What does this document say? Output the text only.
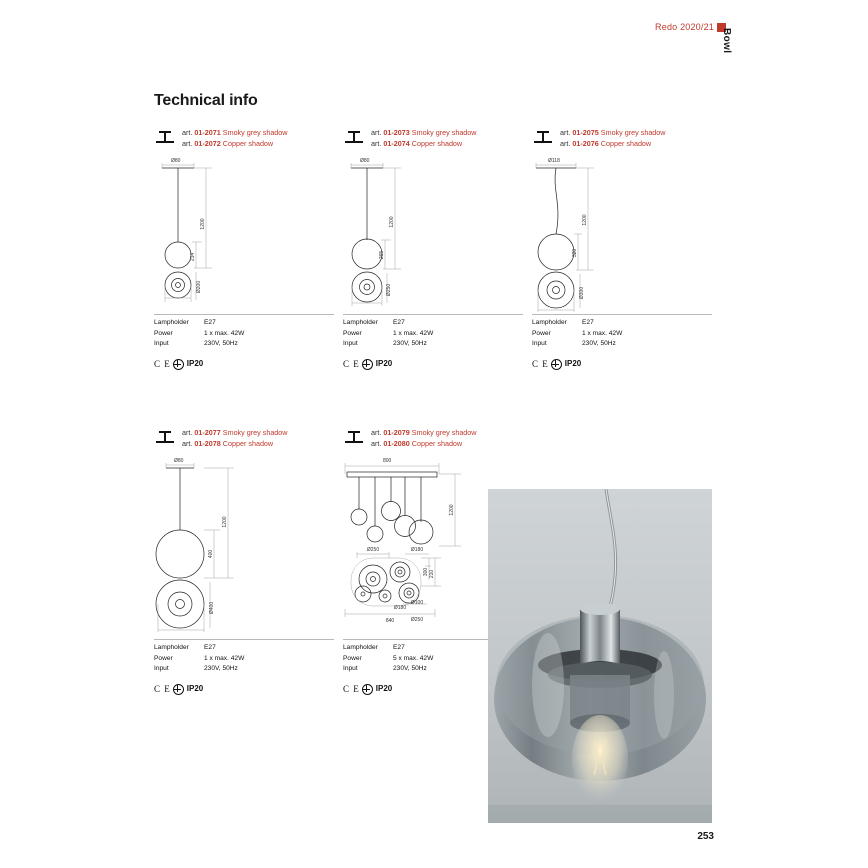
Redo 2020/21
Bowl
Technical info
art. 01-2071 Smoky grey shadow
art. 01-2072 Copper shadow
Ø80
1200
214
Ø200
Lampholder E27
Power	1 x max. 42W
Input	230V, 50Hz
C E IP20
art. 01-2073 Smoky grey shadow
art. 01-2074 Copper shadow
Ø80
1200
265
Ø250
Lampholder E27
Power	1 x max. 42W
Input	230V, 50Hz
C E IP20
art. 01-2075 Smoky grey shadow
art. 01-2076 Copper shadow
Ø118
1200
320
Ø300
Lampholder E27
Power	1 x max. 42W
Input	230V, 50Hz
C E IP20
art. 01-2077 Smoky grey shadow
art. 01-2078 Copper shadow
Ø80
1200
400
Ø400
Lampholder E27
Power	1 x max. 42W
Input	230V, 50Hz
C E IP20
art. 01-2079 Smoky grey shadow
art. 01-2080 Copper shadow
800
1200
Ø250	Ø180
Ø180
Ø100
Ø250
840
210
300
Lampholder E27
Power	5 x max. 42W
Input	230V, 50Hz
C E IP20
253
